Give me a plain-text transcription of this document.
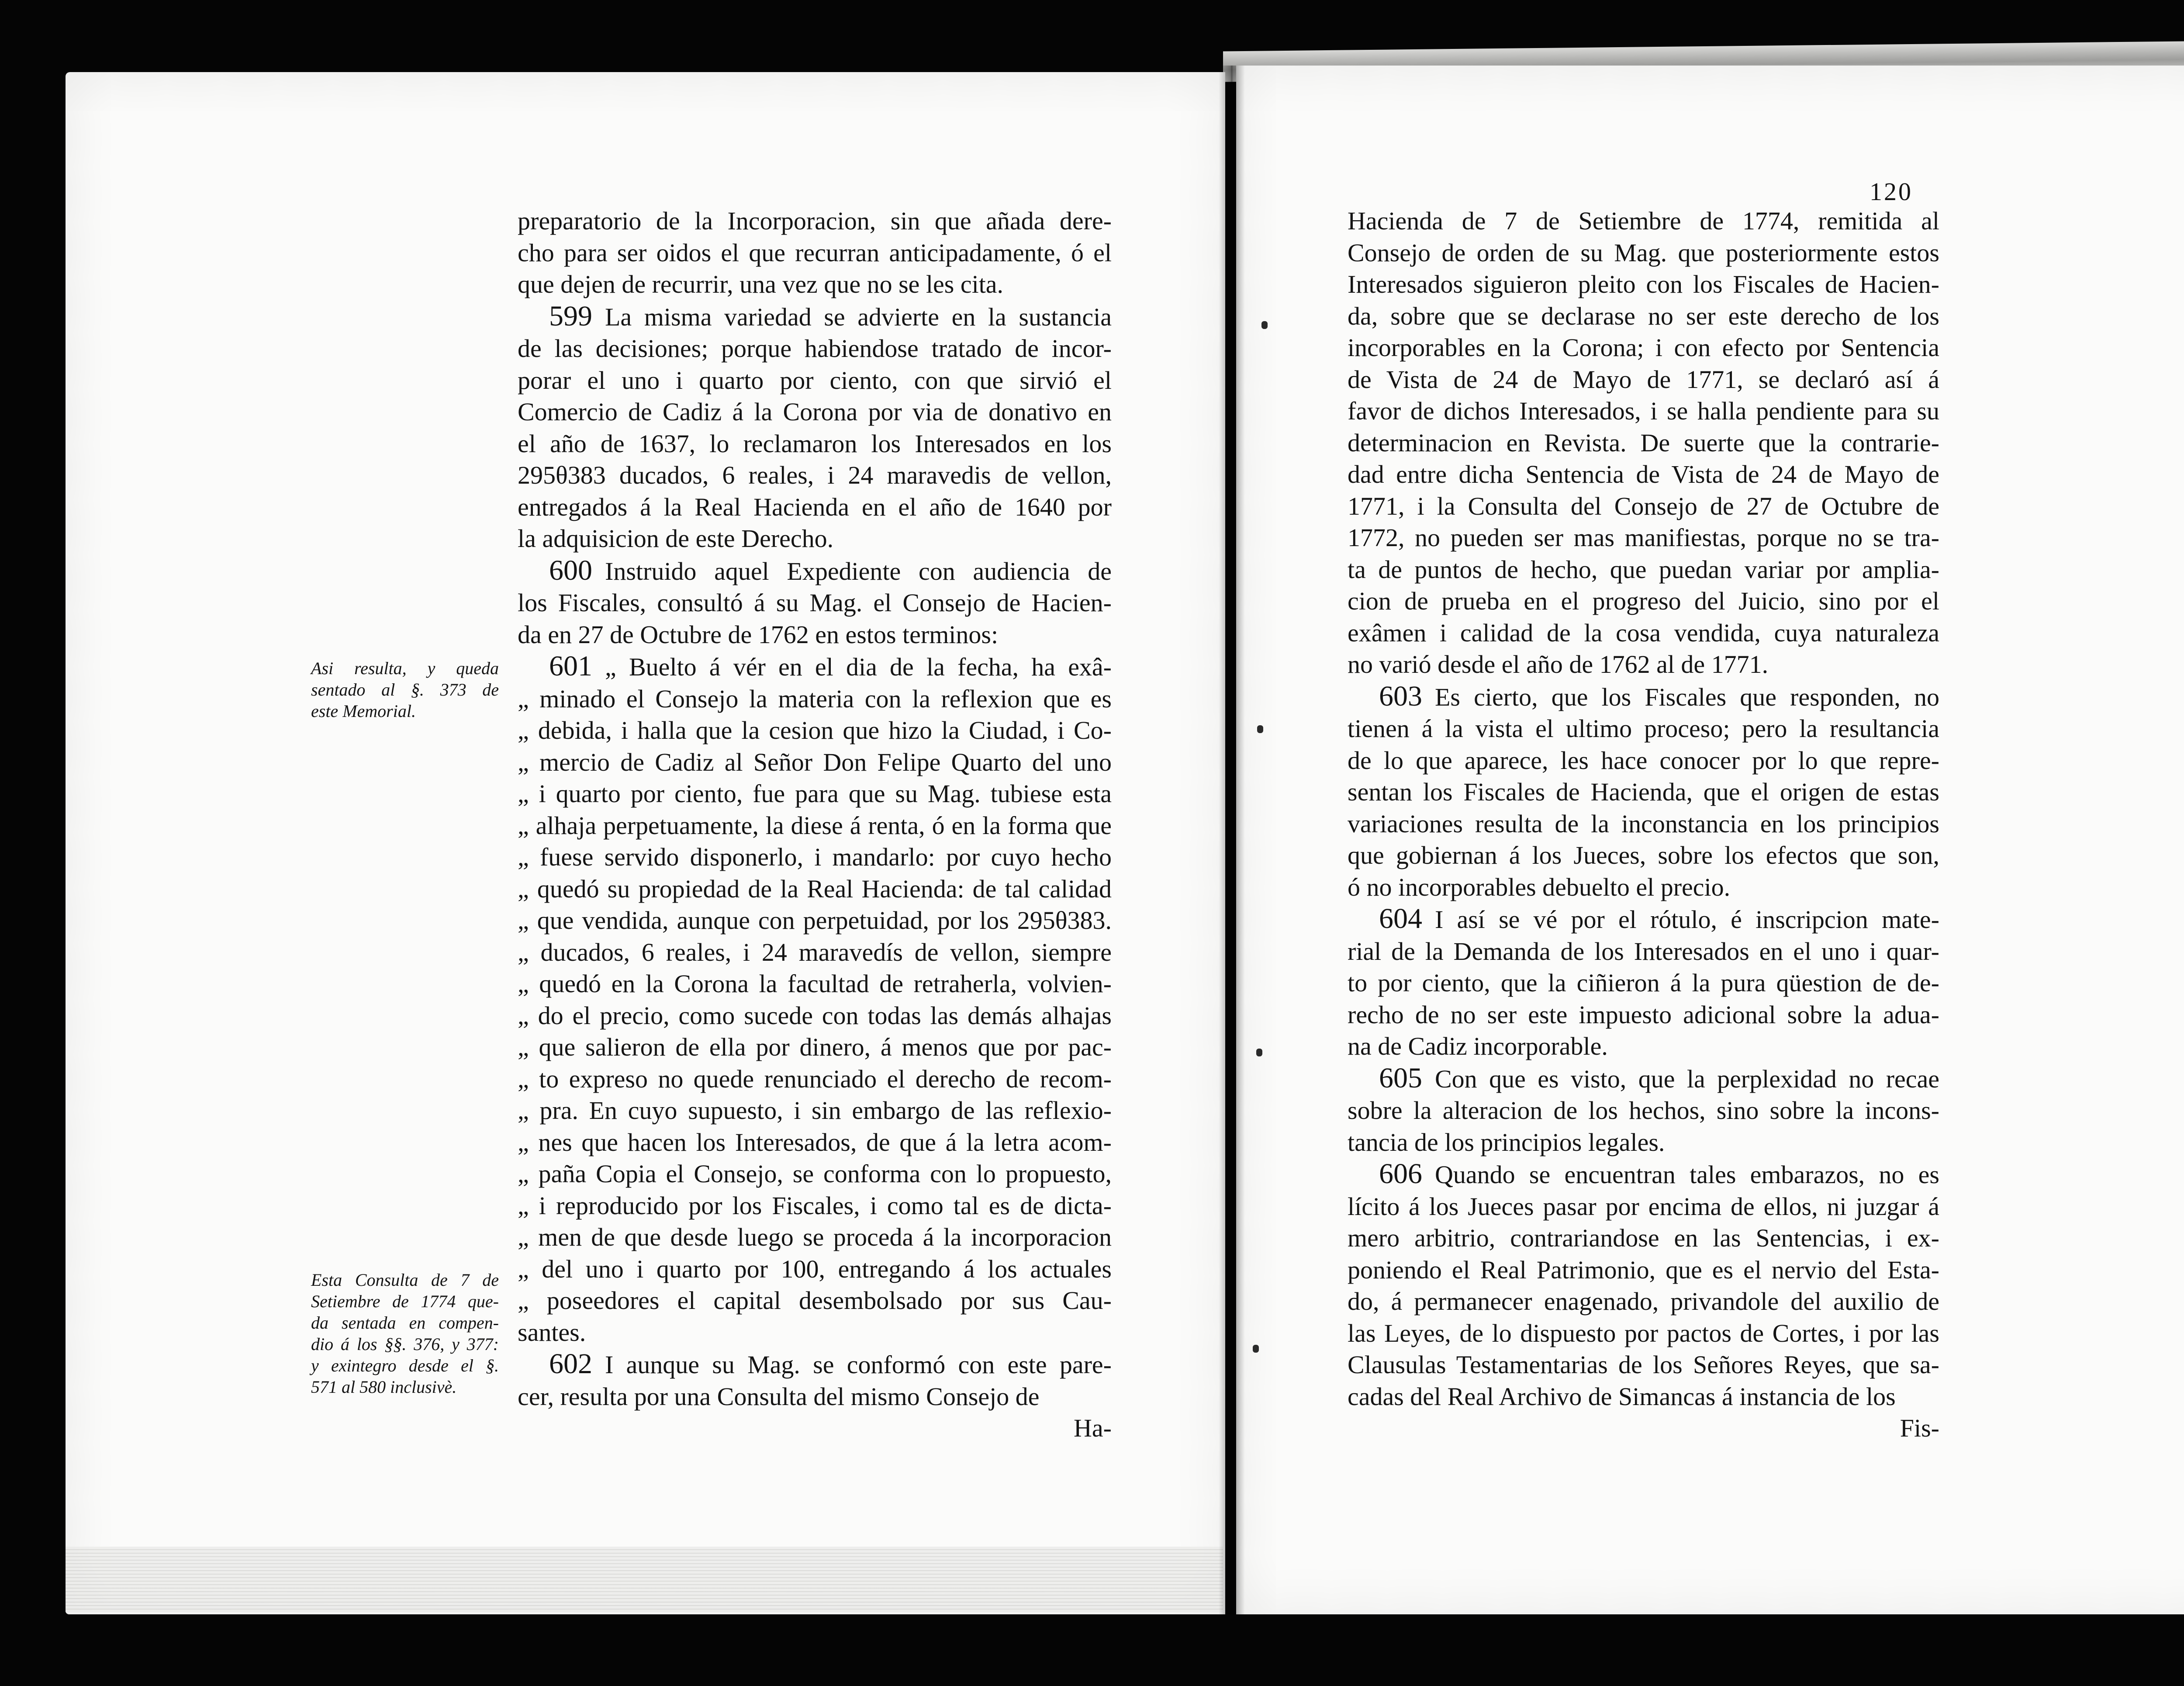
120

preparatorio de la Incorporacion, sin que añada dere-

cho para ser oidos el que recurran anticipadamente, ó el

que dejen de recurrir, una vez que no se les cita.

599  La misma variedad se advierte en la sustancia

de las decisiones; porque habiendose tratado de incor-

porar el uno i quarto por ciento, con que sirvió el

Comercio de Cadiz á la Corona por via de donativo en

el año de 1637, lo reclamaron los Interesados en los

295θ383 ducados, 6 reales, i 24 maravedis de vellon,

entregados á la Real Hacienda en el año de 1640 por

la adquisicion de este Derecho.

600  Instruido aquel Expediente con audiencia de

los Fiscales, consultó á su Mag. el Consejo de Hacien-

da en 27 de Octubre de 1762 en estos terminos:

601  „ Buelto á vér en el dia de la fecha, ha exâ-

„ minado el Consejo la materia con la reflexion que es

„ debida, i halla que la cesion que hizo la Ciudad, i Co-

„ mercio de Cadiz al Señor Don Felipe Quarto del uno

„ i quarto por ciento, fue para que su Mag. tubiese esta

„ alhaja perpetuamente, la diese á renta, ó en la forma que

„ fuese servido disponerlo, i mandarlo: por cuyo hecho

„ quedó su propiedad de la Real Hacienda: de tal calidad

„ que vendida, aunque con perpetuidad, por los 295θ383.

„ ducados, 6 reales, i 24 maravedís de vellon, siempre

„ quedó en la Corona la facultad de retraherla, volvien-

„ do el precio, como sucede con todas las demás alhajas

„ que salieron de ella por dinero, á menos que por pac-

„ to expreso no quede renunciado el derecho de recom-

„ pra. En cuyo supuesto, i sin embargo de las reflexio-

„ nes que hacen los Interesados, de que á la letra acom-

„ paña Copia el Consejo, se conforma con lo propuesto,

„ i reproducido por los Fiscales, i como tal es de dicta-

„ men de que desde luego se proceda á la incorporacion

„ del uno i quarto por 100, entregando á los actuales

„ poseedores el capital desembolsado por sus Cau-

santes.

602  I aunque su Mag. se conformó con este pare-

cer, resulta por una Consulta del mismo Consejo de

Ha-

Hacienda de 7 de Setiembre de 1774, remitida al

Consejo de orden de su Mag. que posteriormente estos

Interesados siguieron pleito con los Fiscales de Hacien-

da, sobre que se declarase no ser este derecho de los

incorporables en la Corona; i con efecto por Sentencia

de Vista de 24 de Mayo de 1771, se declaró así á

favor de dichos Interesados, i se halla pendiente para su

determinacion en Revista. De suerte que la contrarie-

dad entre dicha Sentencia de Vista de 24 de Mayo de

1771, i la Consulta del Consejo de 27 de Octubre de

1772, no pueden ser mas manifiestas, porque no se tra-

ta de puntos de hecho, que puedan variar por amplia-

cion de prueba en el progreso del Juicio, sino por el

exâmen i calidad de la cosa vendida, cuya naturaleza

no varió desde el año de 1762 al de 1771.

603  Es cierto, que los Fiscales que responden, no

tienen á la vista el ultimo proceso; pero la resultancia

de lo que aparece, les hace conocer por lo que repre-

sentan los Fiscales de Hacienda, que el origen de estas

variaciones resulta de la inconstancia en los principios

que gobiernan á los Jueces, sobre los efectos que son,

ó no incorporables debuelto el precio.

604  I así se vé por el rótulo, é inscripcion mate-

rial de la Demanda de los Interesados en el uno i quar-

to por ciento, que la ciñieron á la pura qüestion de de-

recho de no ser este impuesto adicional sobre la adua-

na de Cadiz incorporable.

605  Con que es visto, que la perplexidad no recae

sobre la alteracion de los hechos, sino sobre la incons-

tancia de los principios legales.

606  Quando se encuentran tales embarazos, no es

lícito á los Jueces pasar por encima de ellos, ni juzgar á

mero arbitrio, contrariandose en las Sentencias, i ex-

poniendo el Real Patrimonio, que es el nervio del Esta-

do, á permanecer enagenado, privandole del auxilio de

las Leyes, de lo dispuesto por pactos de Cortes, i por las

Clausulas Testamentarias de los Señores Reyes, que sa-

cadas del Real Archivo de Simancas á instancia de los

Fis-

Asi resulta, y queda
sentado al §. 373 de
este Memorial.
Esta Consulta de 7 de
Setiembre de 1774 que-
da sentada en compen-
dio á los §§. 376, y 377:
y exintegro desde el §.
571 al 580 inclusivè.
